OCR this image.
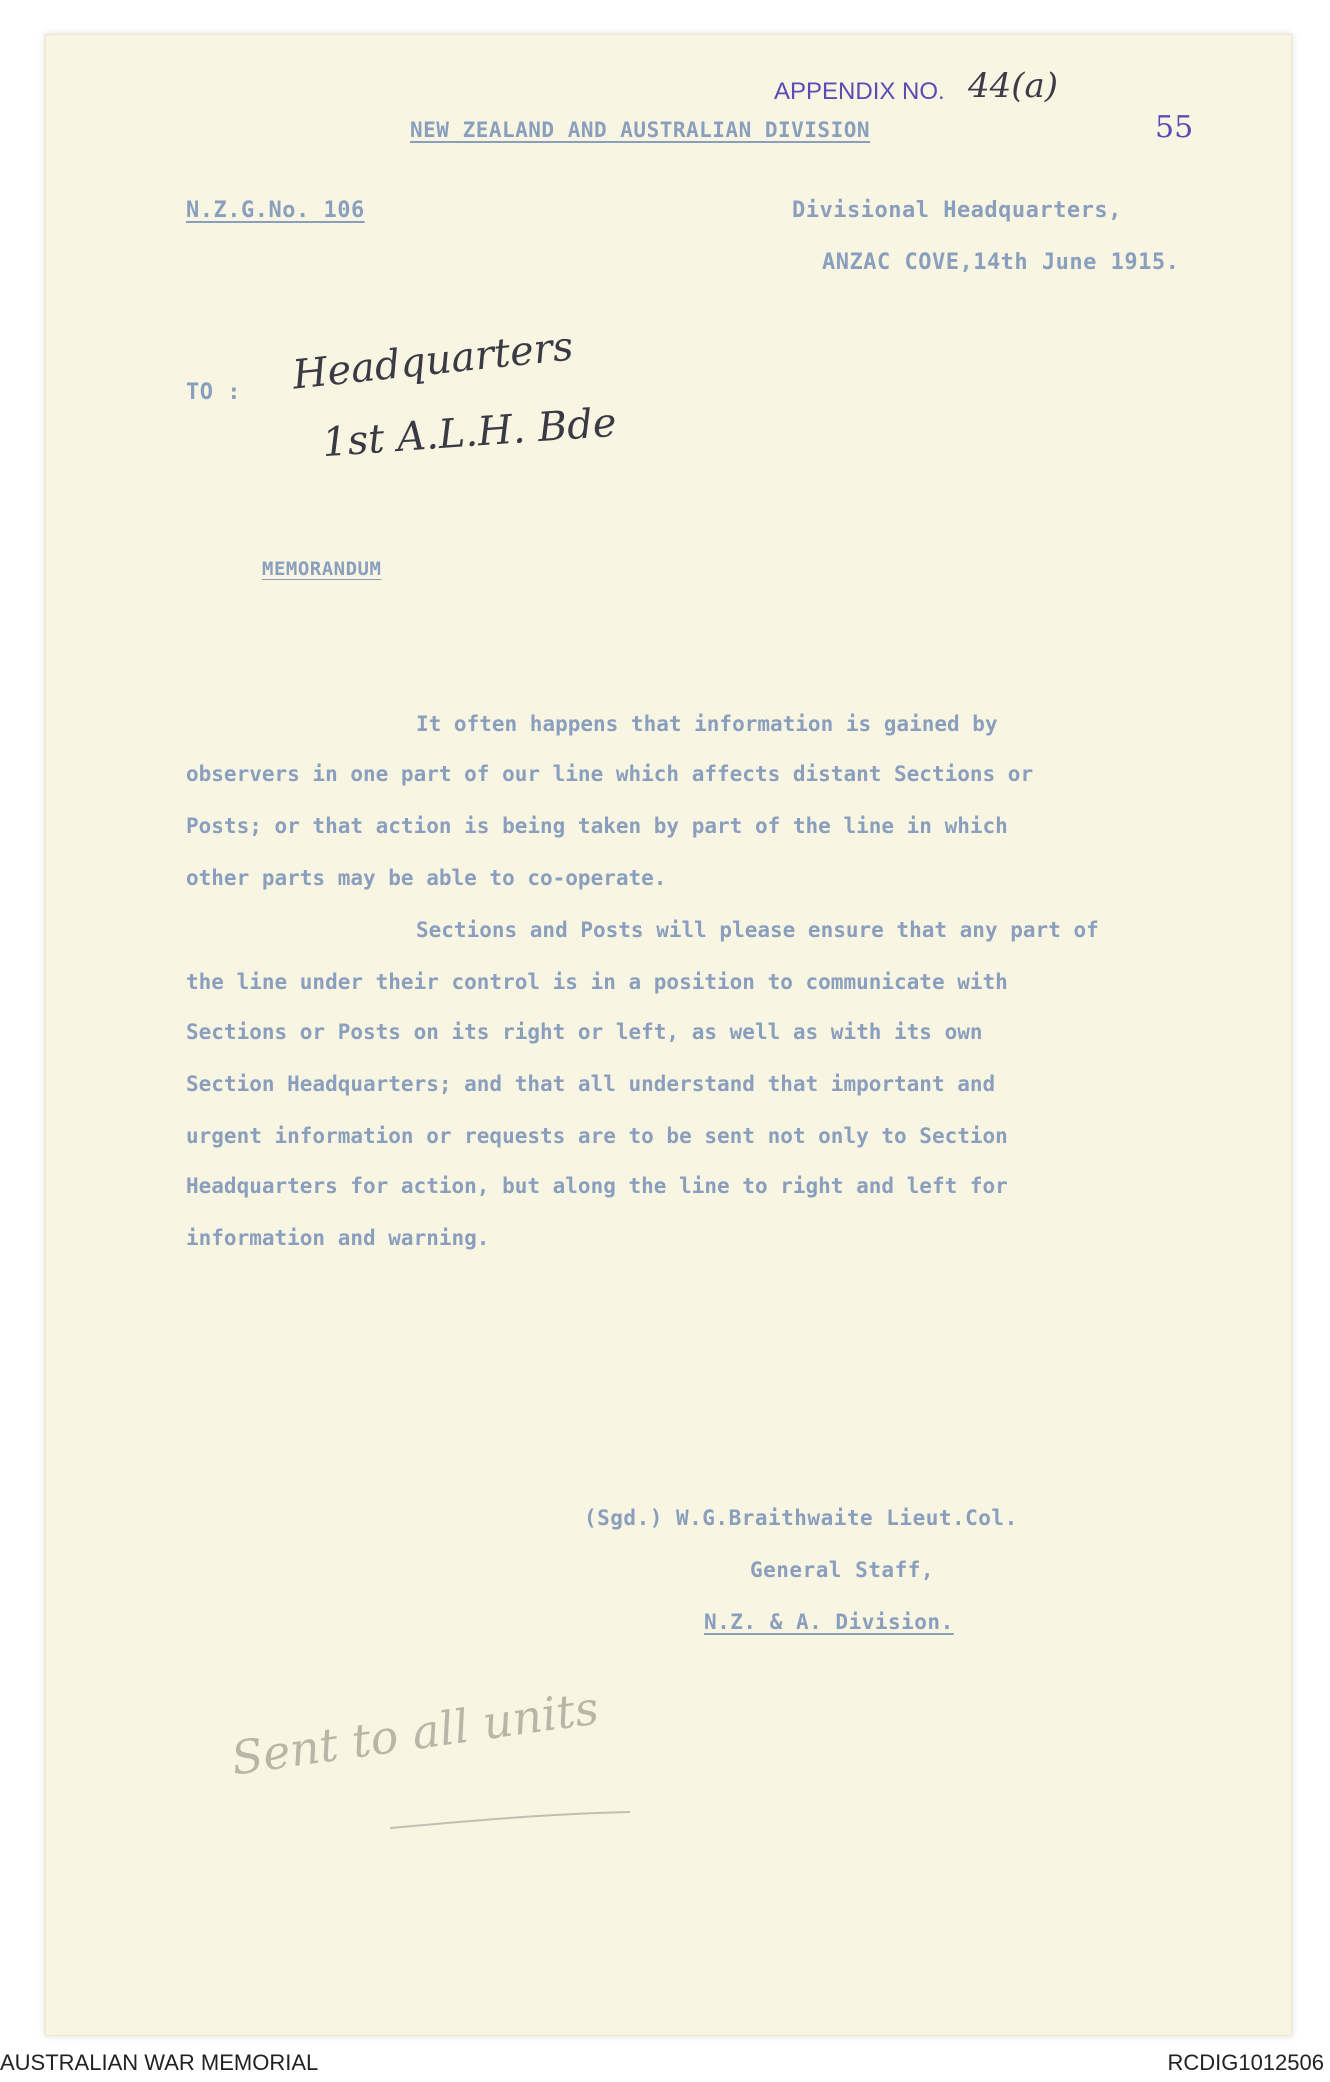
APPENDIX NO. 44(a)
55
NEW ZEALAND AND AUSTRALIAN DIVISION
N.Z.G.No. 106	Divisional Headquarters,
ANZAC COVE,14th June 1915.
TO : Headquarters
1st A.L.H. Bde
MEMORANDUM
It often happens that information is gained by
observers in one part of our line which affects distant Sections or
Posts; or that action is being taken by part of the line in which
other parts may be able to co-operate.
Sections and Posts will please ensure that any part of
the line under their control is in a position to communicate with
Sections or Posts on its right or left, as well as with its own
Section Headquarters; and that all understand that important and
urgent information or requests are to be sent not only to Section
Headquarters for action, but along the line to right and left for
information and warning.
(Sgd.) W.G.Braithwaite Lieut.Col.
General Staff,
N.Z. & A. Division.
Sent to all units
AUSTRALIAN WAR MEMORIAL	RCDIG1012506
